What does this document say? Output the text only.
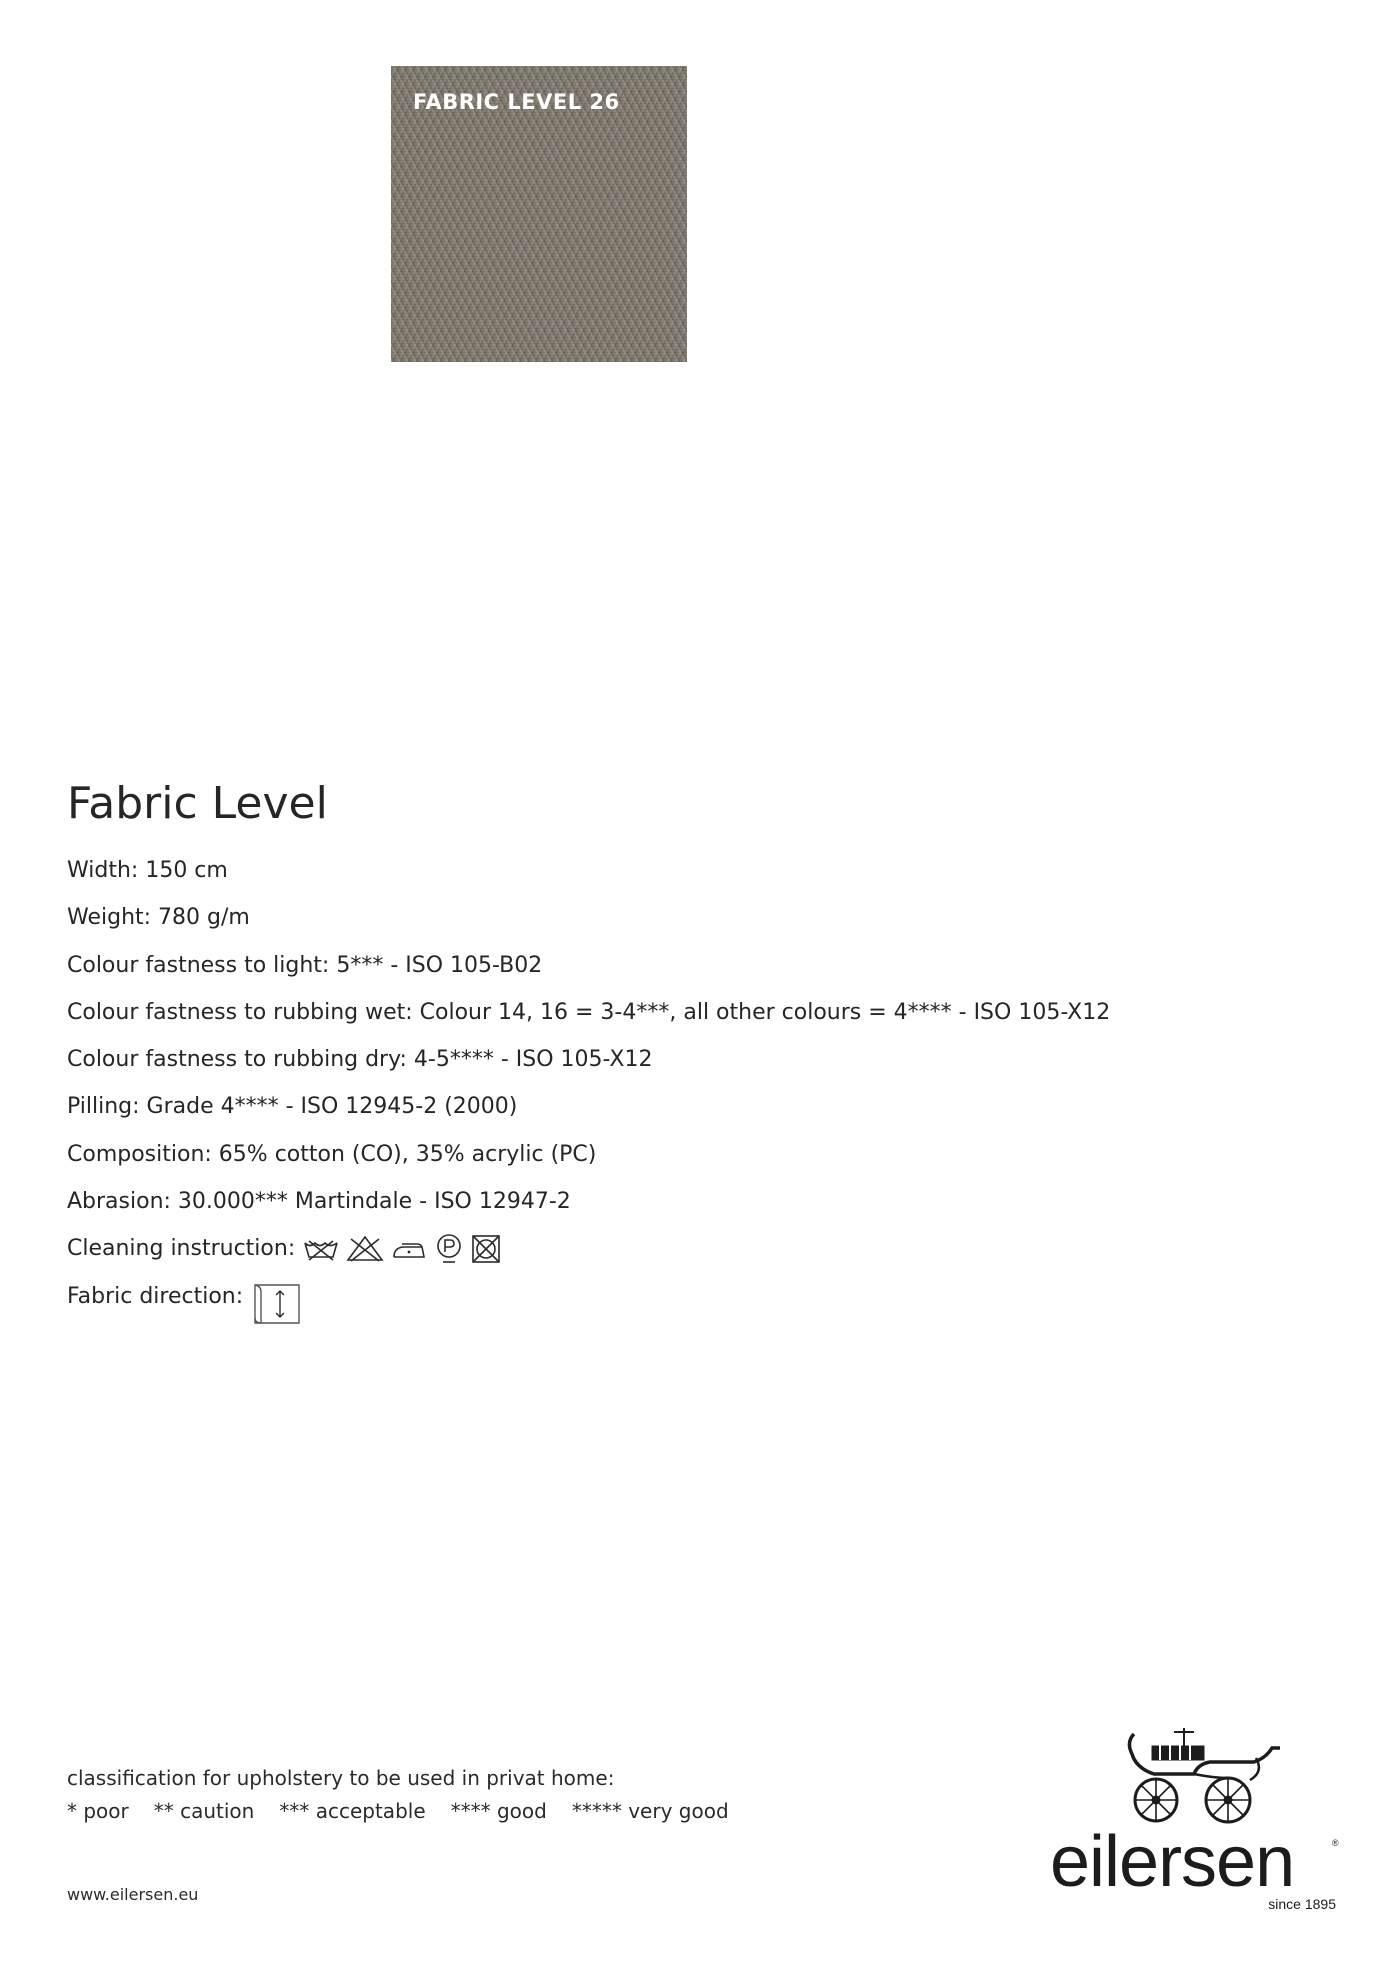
FABRIC LEVEL 26
Fabric Level
Width: 150 cm
Weight: 780 g/m
Colour fastness to light: 5*** - ISO 105-B02
Colour fastness to rubbing wet: Colour 14, 16 = 3-4***, all other colours = 4**** - ISO 105-X12
Colour fastness to rubbing dry: 4-5**** - ISO 105-X12
Pilling: Grade 4**** - ISO 12945-2 (2000)
Composition: 65% cotton (CO), 35% acrylic (PC)
Abrasion: 30.000*** Martindale - ISO 12947-2
Cleaning instruction:
Fabric direction:
classification for upholstery to be used in privat home:
* poor ** caution *** acceptable **** good ***** very good
www.eilersen.eu	eilersen	®
since 1895
